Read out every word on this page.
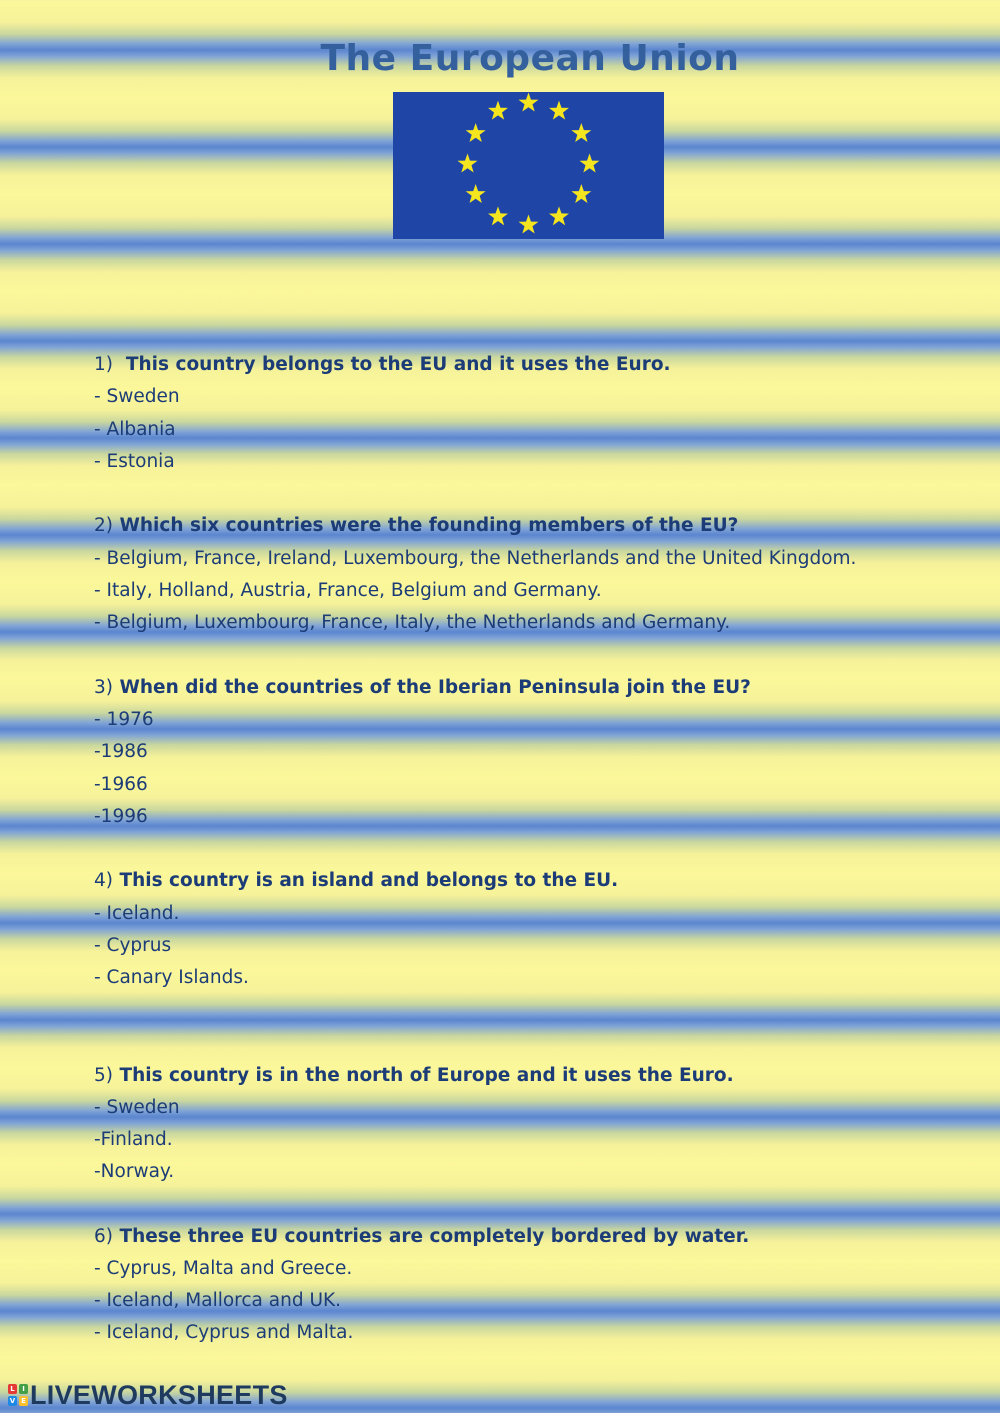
The European Union
Circle the correct answer.
1) This country belongs to the EU and it uses the Euro.
- Sweden
- Albania
- Estonia
2) Which six countries were the founding members of the EU?
- Belgium, France, Ireland, Luxembourg, the Netherlands and the United Kingdom.
- Italy, Holland, Austria, France, Belgium and Germany.
- Belgium, Luxembourg, France, Italy, the Netherlands and Germany.
3) When did the countries of the Iberian Peninsula join the EU?
- 1976
-1986
-1966
-1996
4) This country is an island and belongs to the EU.
- Iceland.
- Cyprus
- Canary Islands.
5) This country is in the north of Europe and it uses the Euro.
- Sweden
-Finland.
-Norway.
6) These three EU countries are completely bordered by water.
- Cyprus, Malta and Greece.
- Iceland, Mallorca and UK.
- Iceland, Cyprus and Malta.
L	I
V E LIVEWORKSHEETS
